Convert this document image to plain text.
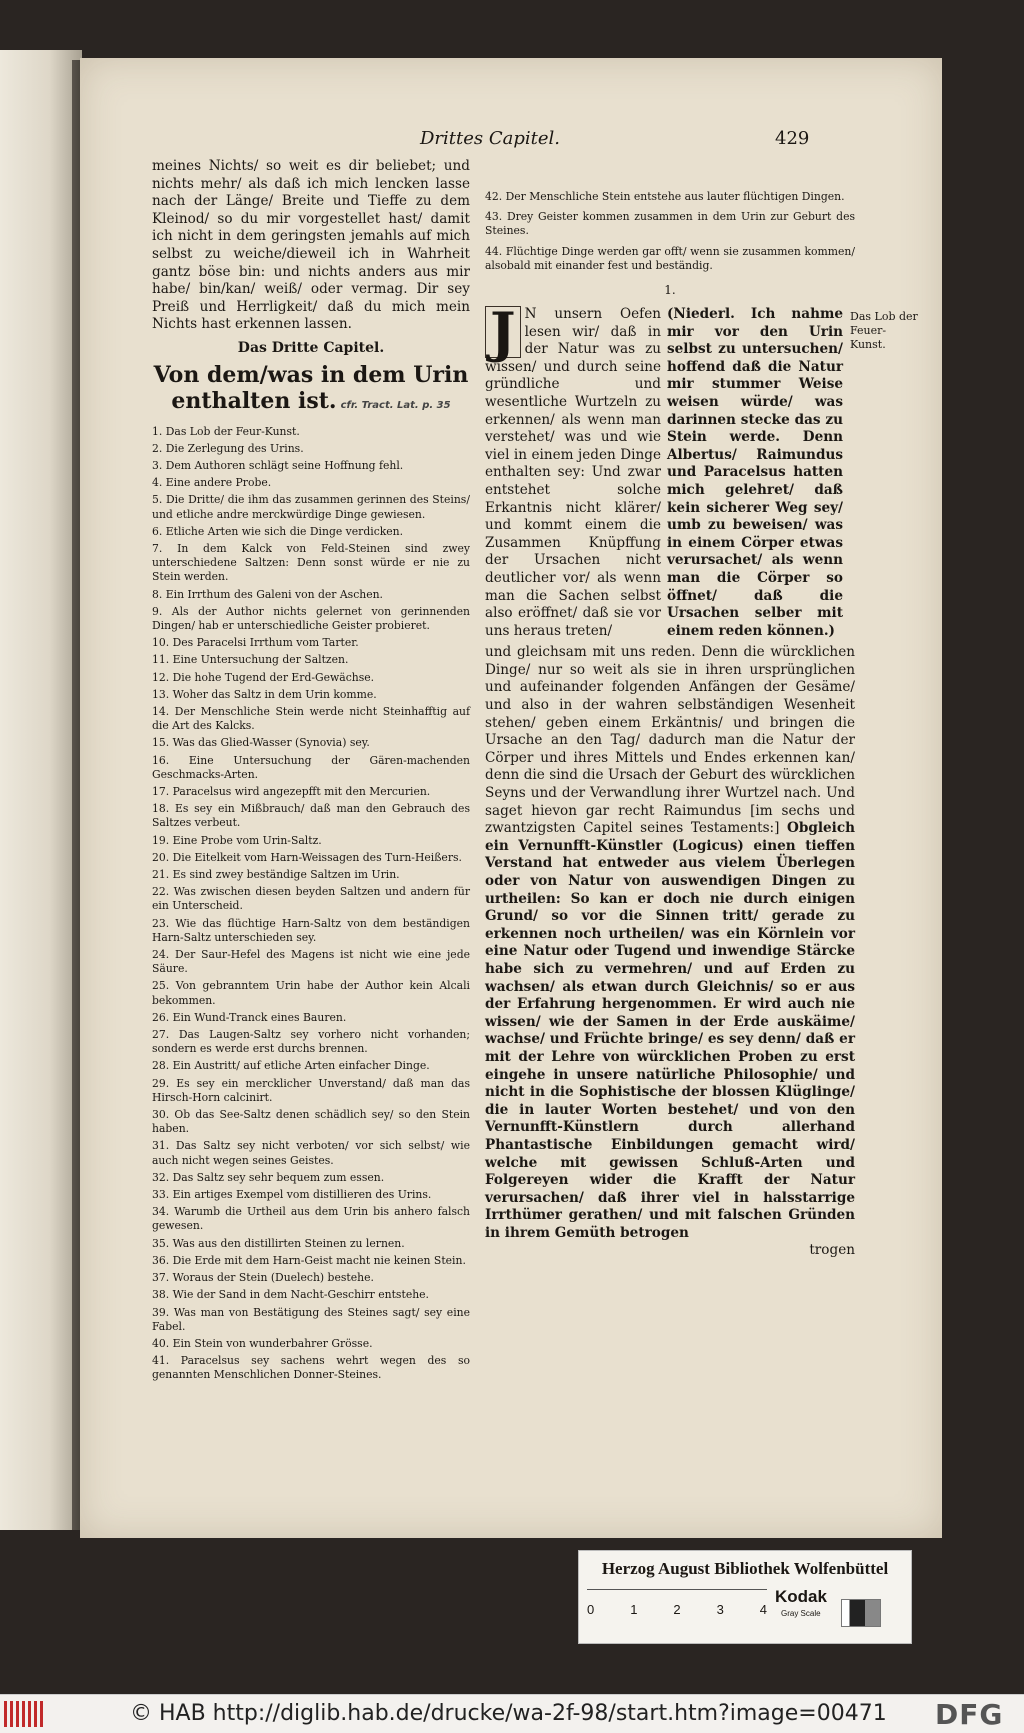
Drittes Capitel.	429

meines Nichts/ so weit es dir beliebet; und nichts mehr/ als daß ich mich lencken lasse nach der Länge/ Breite und Tieffe zu dem Kleinod/ so du mir vorgestellet hast/ damit ich nicht in dem geringsten jemahls auf mich selbst zu weiche/dieweil ich in Wahrheit gantz böse bin: und nichts anders aus mir habe/ bin/kan/ weiß/ oder vermag. Dir sey Preiß und Herrligkeit/ daß du mich mein Nichts hast erkennen lassen.

Das Dritte Capitel.
Von dem/was in dem Urin enthalten ist. cfr. Tract. Lat. p. 35
1. Das Lob der Feur-Kunst.
2. Die Zerlegung des Urins.
3. Dem Authoren schlägt seine Hoffnung fehl.
4. Eine andere Probe.
5. Die Dritte/ die ihm das zusammen gerinnen des Steins/ und etliche andre merckwürdige Dinge gewiesen.
6. Etliche Arten wie sich die Dinge verdicken.
7. In dem Kalck von Feld-Steinen sind zwey unterschiedene Saltzen: Denn sonst würde er nie zu Stein werden.
8. Ein Irrthum des Galeni von der Aschen.
9. Als der Author nichts gelernet von gerinnenden Dingen/ hab er unterschiedliche Geister probieret.
10. Des Paracelsi Irrthum vom Tarter.
11. Eine Untersuchung der Saltzen.
12. Die hohe Tugend der Erd-Gewächse.
13. Woher das Saltz in dem Urin komme.
14. Der Menschliche Stein werde nicht Steinhafftig auf die Art des Kalcks.
15. Was das Glied-Wasser (Synovia) sey.
16. Eine Untersuchung der Gären-machenden Geschmacks-Arten.
17. Paracelsus wird angezepfft mit den Mercurien.
18. Es sey ein Mißbrauch/ daß man den Gebrauch des Saltzes verbeut.
19. Eine Probe vom Urin-Saltz.
20. Die Eitelkeit vom Harn-Weissagen des Turn-Heißers.
21. Es sind zwey beständige Saltzen im Urin.
22. Was zwischen diesen beyden Saltzen und andern für ein Unterscheid.
23. Wie das flüchtige Harn-Saltz von dem beständigen Harn-Saltz unterschieden sey.
24. Der Saur-Hefel des Magens ist nicht wie eine jede Säure.
25. Von gebranntem Urin habe der Author kein Alcali bekommen.
26. Ein Wund-Tranck eines Bauren.
27. Das Laugen-Saltz sey vorhero nicht vorhanden; sondern es werde erst durchs brennen.
28. Ein Austritt/ auf etliche Arten einfacher Dinge.
29. Es sey ein mercklicher Unverstand/ daß man das Hirsch-Horn calcinirt.
30. Ob das See-Saltz denen schädlich sey/ so den Stein haben.
31. Das Saltz sey nicht verboten/ vor sich selbst/ wie auch nicht wegen seines Geistes.
32. Das Saltz sey sehr bequem zum essen.
33. Ein artiges Exempel vom distillieren des Urins.
34. Warumb die Urtheil aus dem Urin bis anhero falsch gewesen.
35. Was aus den distillirten Steinen zu lernen.
36. Die Erde mit dem Harn-Geist macht nie keinen Stein.
37. Woraus der Stein (Duelech) bestehe.
38. Wie der Sand in dem Nacht-Geschirr entstehe.
39. Was man von Bestätigung des Steines sagt/ sey eine Fabel.
40. Ein Stein von wunderbahrer Grösse.
41. Paracelsus sey sachens wehrt wegen des so genannten Menschlichen Donner-Steines.
42. Der Menschliche Stein entstehe aus lauter flüchtigen Dingen.
43. Drey Geister kommen zusammen in dem Urin zur Geburt des Steines.
44. Flüchtige Dinge werden gar offt/ wenn sie zusammen kommen/ alsobald mit einander fest und beständig.
1.
J N unsern Oefen lesen wir/ daß in der Natur was zu wissen/ und durch seine gründliche und wesentliche Wurtzeln zu erkennen/ als wenn man verstehet/ was und wie viel in einem jeden Dinge enthalten sey: Und zwar entstehet solche Erkantnis nicht klärer/ und kommt einem die Zusammen Knüpffung der Ursachen nicht deutlicher vor/ als wenn man die Sachen selbst also eröffnet/ daß sie vor uns heraus treten/
(Niederl. Ich nahme mir vor den Urin selbst zu untersuchen/ hoffend daß die Natur mir stummer Weise weisen würde/ was darinnen stecke das zu Stein werde. Denn Albertus/ Raimundus und Paracelsus hatten mich gelehret/ daß kein sicherer Weg sey/ umb zu beweisen/ was in einem Cörper etwas verursachet/ als wenn man die Cörper so öffnet/ daß die Ursachen selber mit einem reden können.)
und gleichsam mit uns reden. Denn die würcklichen Dinge/ nur so weit als sie in ihren ursprünglichen und aufeinander folgenden Anfängen der Gesäme/ und also in der wahren selbständigen Wesenheit stehen/ geben einem Erkäntnis/ und bringen die Ursache an den Tag/ dadurch man die Natur der Cörper und ihres Mittels und Endes erkennen kan/ denn die sind die Ursach der Geburt des würcklichen Seyns und der Verwandlung ihrer Wurtzel nach. Und saget hievon gar recht Raimundus [im sechs und zwantzigsten Capitel seines Testaments:] Obgleich ein Vernunfft-Künstler (Logicus) einen tieffen Verstand hat entweder aus vielem Überlegen oder von Natur von auswendigen Dingen zu urtheilen: So kan er doch nie durch einigen Grund/ so vor die Sinnen tritt/ gerade zu erkennen noch urtheilen/ was ein Körnlein vor eine Natur oder Tugend und inwendige Stärcke habe sich zu vermehren/ und auf Erden zu wachsen/ als etwan durch Gleichnis/ so er aus der Erfahrung hergenommen. Er wird auch nie wissen/ wie der Samen in der Erde auskäime/ wachse/ und Früchte bringe/ es sey denn/ daß er mit der Lehre von würcklichen Proben zu erst eingehe in unsere natürliche Philosophie/ und nicht in die Sophistische der blossen Klüglinge/ die in lauter Worten bestehet/ und von den Vernunfft-Künstlern durch allerhand Phantastische Einbildungen gemacht wird/ welche mit gewissen Schluß-Arten und Folgereyen wider die Krafft der Natur verursachen/ daß ihrer viel in halsstarrige Irrthümer gerathen/ und mit falschen Gründen in ihrem Gemüth betrogen
trogen
Das Lob der Feuer-Kunst.
Herzog August Bibliothek Wolfenbüttel
0	1	2	3	4
Kodak
Gray Scale
© HAB http://diglib.hab.de/drucke/wa-2f-98/start.htm?image=00471 DFG
